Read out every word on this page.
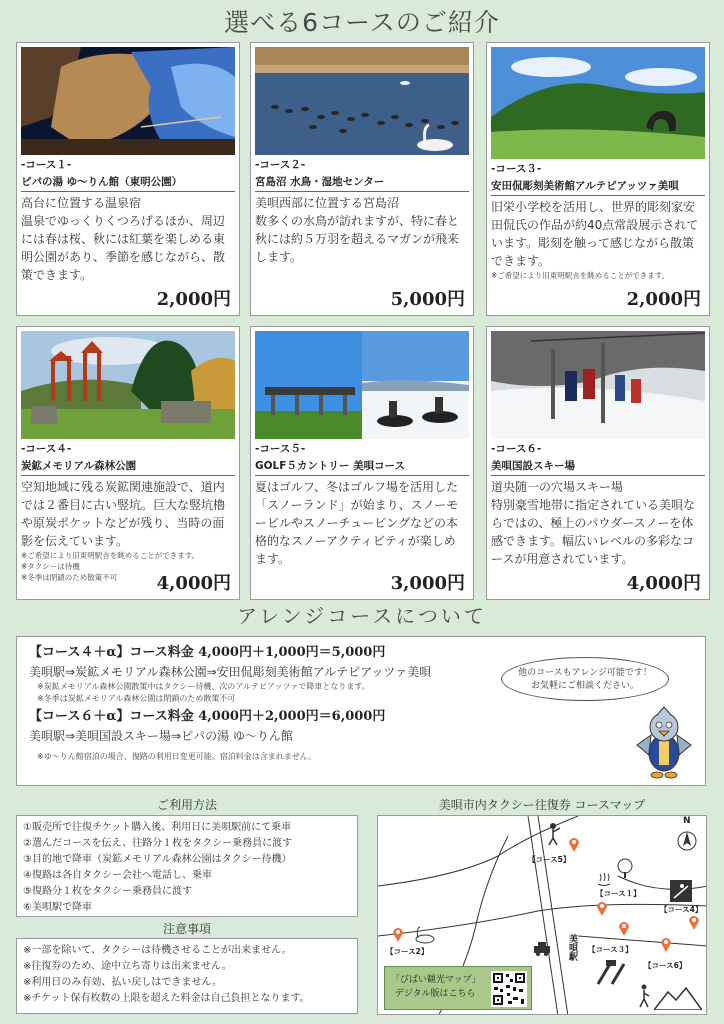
選べる6コースのご紹介
-コース１-
ピパの湯 ゆ～りん館（東明公園）
高台に位置する温泉宿
温泉でゆっくりくつろげるほか、周辺
には春は桜、秋には紅葉を楽しめる東
明公園があり、季節を感じながら、散
策できます。
2,000円
-コース２-
宮島沼 水鳥・湿地センター
美唄西部に位置する宮島沼
数多くの水鳥が訪れますが、特に春と
秋には約５万羽を超えるマガンが飛来
します。
5,000円
-コース３-
安田侃彫刻美術館アルテピアッツァ美唄
旧栄小学校を活用し、世界的彫刻家安
田侃氏の作品が約40点常設展示されて
います。彫刻を触って感じながら散策
できます。
※ご希望により旧東明駅舎を眺めることができます。
2,000円
-コース４-
炭鉱メモリアル森林公園
空知地域に残る炭鉱関連施設で、道内
では２番目に古い竪坑。巨大な竪坑櫓
や原炭ポケットなどが残り、当時の面
影を伝えています。
※ご希望により旧東明駅舎を眺めることができます。
※タクシーは待機
※冬季は閉鎖のため散策不可	4,000円
-コース５-
GOLF５カントリー 美唄コース
夏はゴルフ、冬はゴルフ場を活用した
「スノーランド」が始まり、スノーモ
ービルやスノーチュービングなどの本
格的なスノーアクティビティが楽しめ
ます。
3,000円
-コース６-
美唄国設スキー場
道央随一の穴場スキー場
特別豪雪地帯に指定されている美唄な
らではの、極上のパウダースノーを体
感できます。幅広いレベルの多彩なコ
ースが用意されています。
4,000円
アレンジコースについて
【コース４＋α】コース料金 4,000円＋1,000円＝5,000円
美唄駅⇒炭鉱メモリアル森林公園⇒安田侃彫刻美術館アルテピアッツァ美唄
※炭鉱メモリアル森林公園散策中はタクシー待機、次のアルテピアッツァで降車となります。
※冬季は炭鉱メモリアル森林公園は閉鎖のため散策不可
【コース６＋α】コース料金 4,000円＋2,000円＝6,000円
美唄駅⇒美唄国設スキー場⇒ピパの湯 ゆ～りん館
※ゆ～りん館宿泊の場合、復路の利用日変更可能。宿泊料金は含まれません。
他のコースもアレンジ可能です！
お気軽にご相談ください。
ご利用方法
①販売所で往復チケット購入後、利用日に美唄駅前にて乗車
②選んだコースを伝え、往路分１枚をタクシー乗務員に渡す
③目的地で降車（炭鉱メモリアル森林公園はタクシー待機）
④復路は各自タクシー会社へ電話し、乗車
⑤復路分１枚をタクシー乗務員に渡す
⑥美唄駅で降車
注意事項
※一部を除いて、タクシーは待機させることが出来ません。
※往復券のため、途中立ち寄りは出来ません。
※利用日のみ有効、払い戻しはできません。
※チケット保有枚数の上限を超えた料金は自己負担となります。
美唄市内タクシー往復券 コースマップ
【コース5】
【コース１】
【コース4】
【コース2】	【コース３】
【コース6】
美唄駅
N
「びばい観光マップ」
デジタル版はこちら
